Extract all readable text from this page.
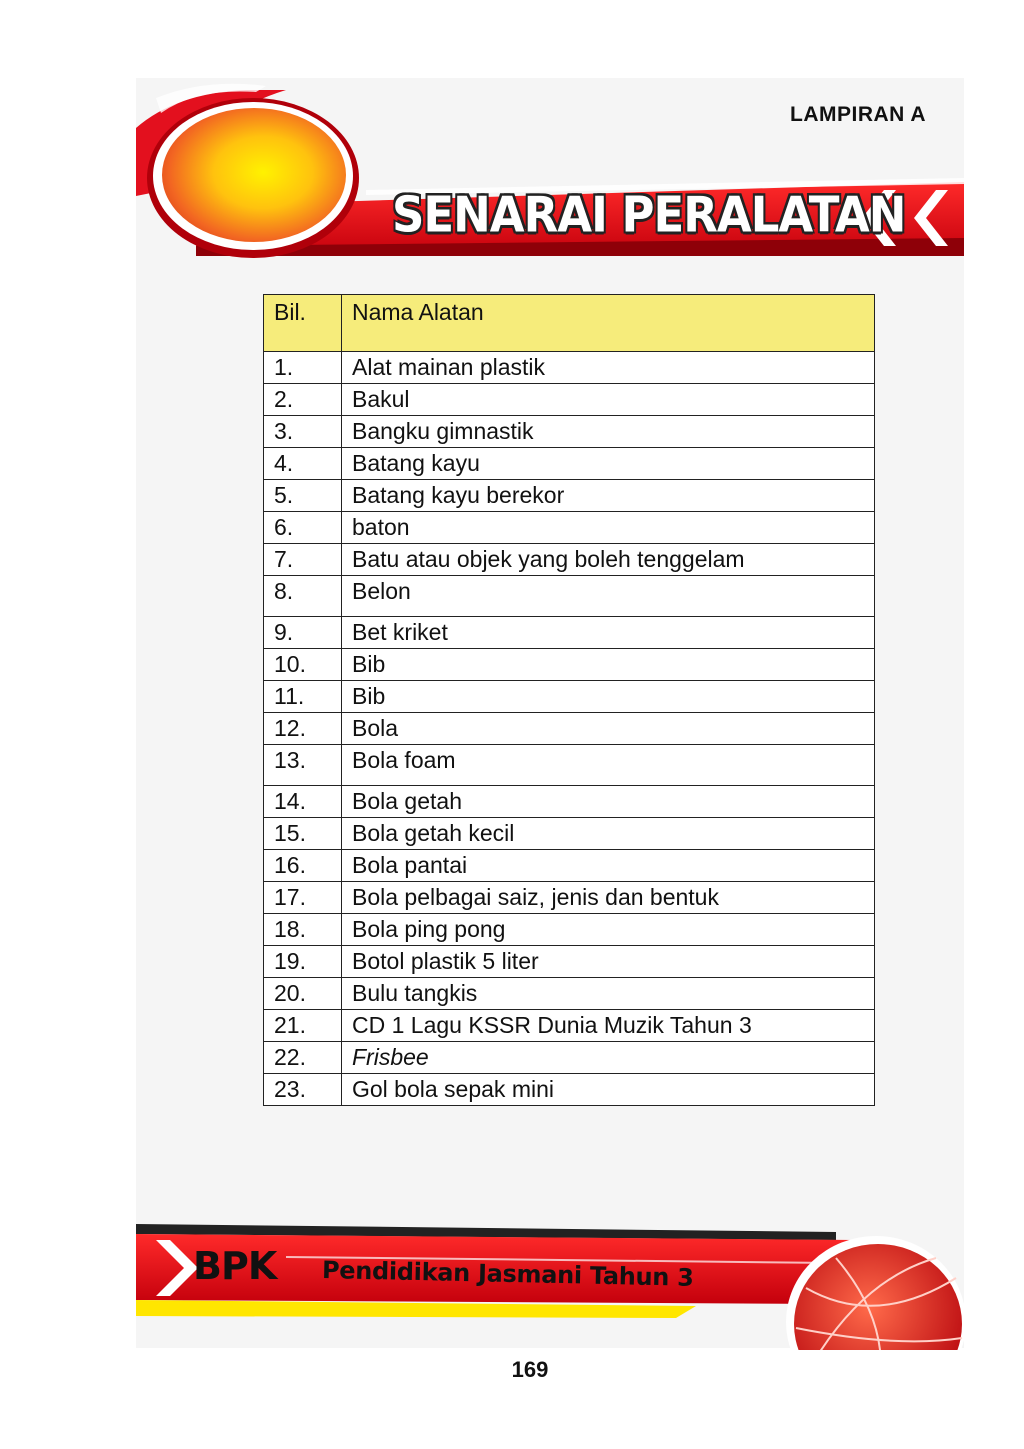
LAMPIRAN A
SENARAI PERALATAN
Bil.	Nama Alatan
1.	Alat mainan plastik
2.	Bakul
3.	Bangku gimnastik
4.	Batang kayu
5.	Batang kayu berekor
6.	baton
7.	Batu atau objek yang boleh tenggelam
8.	Belon
9.	Bet kriket
10.	Bib
11.	Bib
12.	Bola
13.	Bola foam
14.	Bola getah
15.	Bola getah kecil
16.	Bola pantai
17.	Bola pelbagai saiz, jenis dan bentuk
18.	Bola ping pong
19.	Botol plastik 5 liter
20.	Bulu tangkis
21.	CD 1 Lagu KSSR Dunia Muzik Tahun 3
22.	Frisbee
23.	Gol bola sepak mini
BPK Pendidikan Jasmani Tahun 3
169
